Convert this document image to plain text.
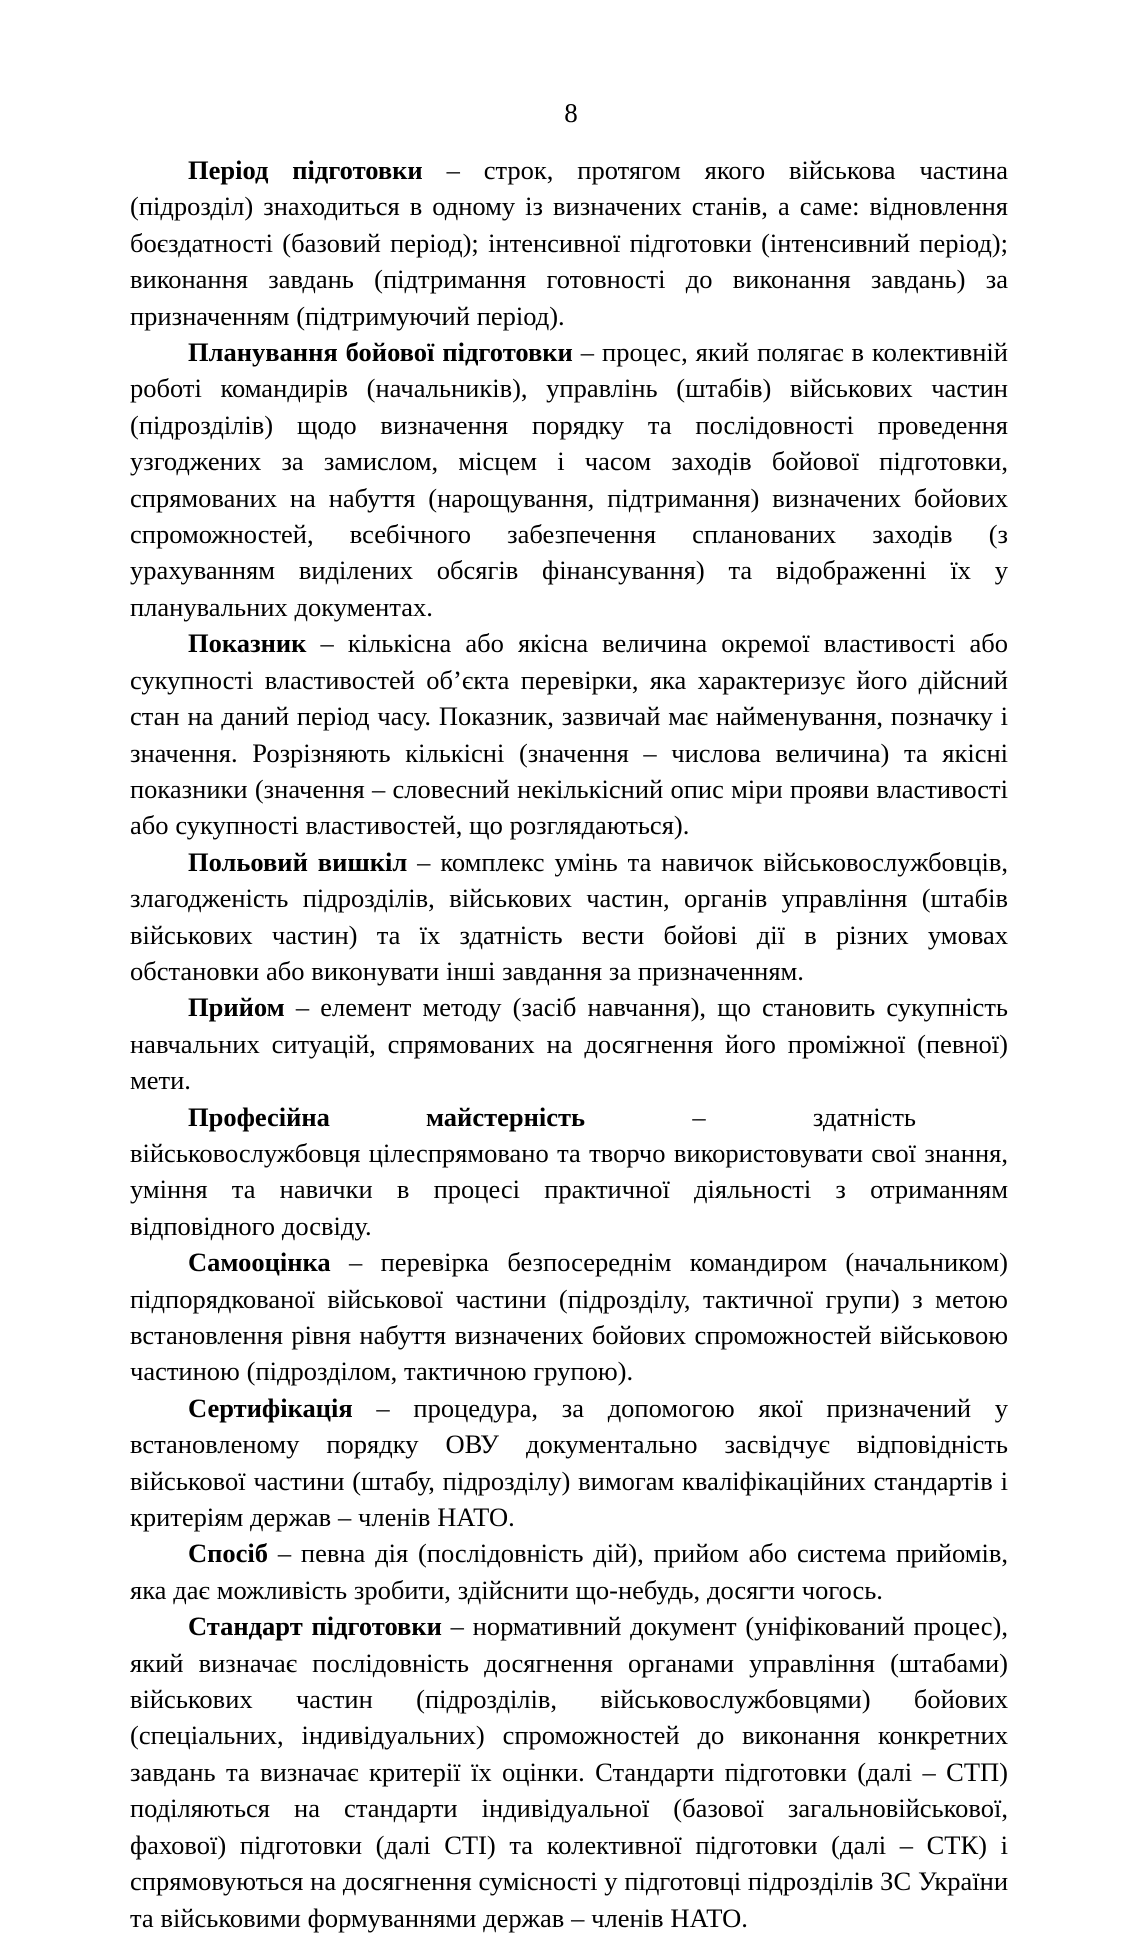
8

Період підготовки – строк, протягом якого військова частина (підрозділ) знаходиться в одному із визначених станів, а саме: відновлення боєздатності (базовий період); інтенсивної підготовки (інтенсивний період); виконання завдань (підтримання готовності до виконання завдань) за призначенням (підтримуючий період).

Планування бойової підготовки – процес, який полягає в колективній роботі командирів (начальників), управлінь (штабів) військових частин (підрозділів) щодо визначення порядку та послідовності проведення узгоджених за замислом, місцем і часом заходів бойової підготовки, спрямованих на набуття (нарощування, підтримання) визначених бойових спроможностей, всебічного забезпечення спланованих заходів (з урахуванням виділених обсягів фінансування) та відображенні їх у планувальних документах.

Показник – кількісна або якісна величина окремої властивості або сукупності властивостей об’єкта перевірки, яка характеризує його дійсний стан на даний період часу. Показник, зазвичай має найменування, позначку і значення. Розрізняють кількісні (значення – числова величина) та якісні показники (значення – словесний некількісний опис міри прояви властивості або сукупності властивостей, що розглядаються).

Польовий вишкіл – комплекс умінь та навичок військовослужбовців, злагодженість підрозділів, військових частин, органів управління (штабів військових частин) та їх здатність вести бойові дії в різних умовах обстановки або виконувати інші завдання за призначенням.

Прийом – елемент методу (засіб навчання), що становить сукупність навчальних ситуацій, спрямованих на досягнення його проміжної (певної) мети.

Професійна	майстерність – здатністьвійськовослужбовця цілеспрямовано та творчо використовувати свої знання, уміння та навички в процесі практичної діяльності з отриманням відповідного досвіду.

Самооцінка – перевірка безпосереднім командиром (начальником) підпорядкованої військової частини (підрозділу, тактичної групи) з метою встановлення рівня набуття визначених бойових спроможностей військовою частиною (підрозділом, тактичною групою).

Сертифікація – процедура, за допомогою якої призначений у встановленому порядку ОВУ документально засвідчує відповідність військової частини (штабу, підрозділу) вимогам кваліфікаційних стандартів і критеріям держав – членів НАТО.

Спосіб – певна дія (послідовність дій), прийом або система прийомів, яка дає можливість зробити, здійснити що-небудь, досягти чогось.

Стандарт підготовки – нормативний документ (уніфікований процес), який визначає послідовність досягнення органами управління (штабами) військових частин (підрозділів, військовослужбовцями) бойових (спеціальних, індивідуальних) спроможностей до виконання конкретних завдань та визначає критерії їх оцінки. Стандарти підготовки (далі – СТП) поділяються на стандарти індивідуальної (базової загальновійськової, фахової) підготовки (далі СТІ) та колективної підготовки (далі – СТК) і спрямовуються на досягнення сумісності у підготовці підрозділів ЗС України та військовими формуваннями держав – членів НАТО.
